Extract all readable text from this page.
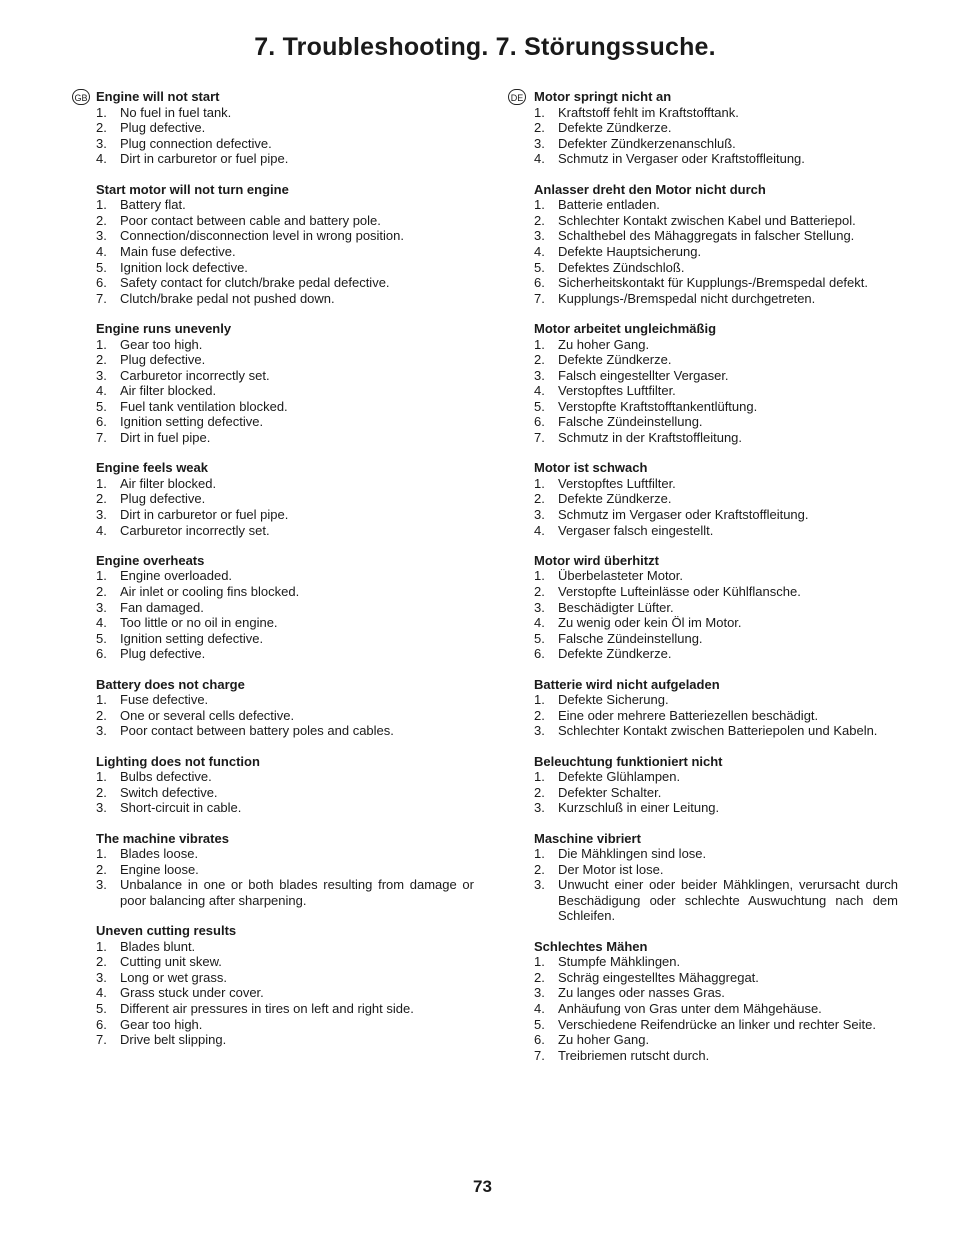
7. Troubleshooting. 7. Störungssuche.
GB Engine will not start
1. No fuel in fuel tank.
2. Plug defective.
3. Plug connection defective.
4. Dirt in carburetor or fuel pipe.
Start motor will not turn engine
1. Battery flat.
2. Poor contact between cable and battery pole.
3. Connection/disconnection level in wrong position.
4. Main fuse defective.
5. Ignition lock defective.
6. Safety contact for clutch/brake pedal defective.
7. Clutch/brake pedal not pushed down.
Engine runs unevenly
1. Gear too high.
2. Plug defective.
3. Carburetor incorrectly set.
4. Air filter blocked.
5. Fuel tank ventilation blocked.
6. Ignition setting defective.
7. Dirt in fuel pipe.
Engine feels weak
1. Air filter blocked.
2. Plug defective.
3. Dirt in carburetor or fuel pipe.
4. Carburetor incorrectly set.
Engine overheats
1. Engine overloaded.
2. Air inlet or cooling fins blocked.
3. Fan damaged.
4. Too little or no oil in engine.
5. Ignition setting defective.
6. Plug defective.
Battery does not charge
1. Fuse defective.
2. One or several cells defective.
3. Poor contact between battery poles and cables.
Lighting does not function
1. Bulbs defective.
2. Switch defective.
3. Short-circuit in cable.
The machine vibrates
1. Blades loose.
2. Engine loose.
3. Unbalance in one or both blades resulting from damage or poor balancing after sharpening.
Uneven cutting results
1. Blades blunt.
2. Cutting unit skew.
3. Long or wet grass.
4. Grass stuck under cover.
5. Different air pressures in tires on left and right side.
6. Gear too high.
7. Drive belt slipping.
DE Motor springt nicht an
1. Kraftstoff fehlt im Kraftstofftank.
2. Defekte Zündkerze.
3. Defekter Zündkerzenanschluß.
4. Schmutz in Vergaser oder Kraftstoffleitung.
Anlasser dreht den Motor nicht durch
1. Batterie entladen.
2. Schlechter Kontakt zwischen Kabel und Batteriepol.
3. Schalthebel des Mähaggregats in falscher Stellung.
4. Defekte Hauptsicherung.
5. Defektes Zündschloß.
6. Sicherheitskontakt für Kupplungs-/Bremspedal defekt.
7. Kupplungs-/Bremspedal nicht durchgetreten.
Motor arbeitet ungleichmäßig
1. Zu hoher Gang.
2. Defekte Zündkerze.
3. Falsch eingestellter Vergaser.
4. Verstopftes Luftfilter.
5. Verstopfte Kraftstofftankentlüftung.
6. Falsche Zündeinstellung.
7. Schmutz in der Kraftstoffleitung.
Motor ist schwach
1. Verstopftes Luftfilter.
2. Defekte Zündkerze.
3. Schmutz im Vergaser oder Kraftstoffleitung.
4. Vergaser falsch eingestellt.
Motor wird überhitzt
1. Überbelasteter Motor.
2. Verstopfte Lufteinlässe oder Kühlflansche.
3. Beschädigter Lüfter.
4. Zu wenig oder kein Öl im Motor.
5. Falsche Zündeinstellung.
6. Defekte Zündkerze.
Batterie wird nicht aufgeladen
1. Defekte Sicherung.
2. Eine oder mehrere Batteriezellen beschädigt.
3. Schlechter Kontakt zwischen Batteriepolen und Kabeln.
Beleuchtung funktioniert nicht
1. Defekte Glühlampen.
2. Defekter Schalter.
3. Kurzschluß in einer Leitung.
Maschine vibriert
1. Die Mähklingen sind lose.
2. Der Motor ist lose.
3. Unwucht einer oder beider Mähklingen, verursacht durch Beschädigung oder schlechte Auswuchtung nach dem Schleifen.
Schlechtes Mähen
1. Stumpfe Mähklingen.
2. Schräg eingestelltes Mähaggregat.
3. Zu langes oder nasses Gras.
4. Anhäufung von Gras unter dem Mähgehäuse.
5. Verschiedene Reifendrücke an linker und rechter Seite.
6. Zu hoher Gang.
7. Treibriemen rutscht durch.
73
